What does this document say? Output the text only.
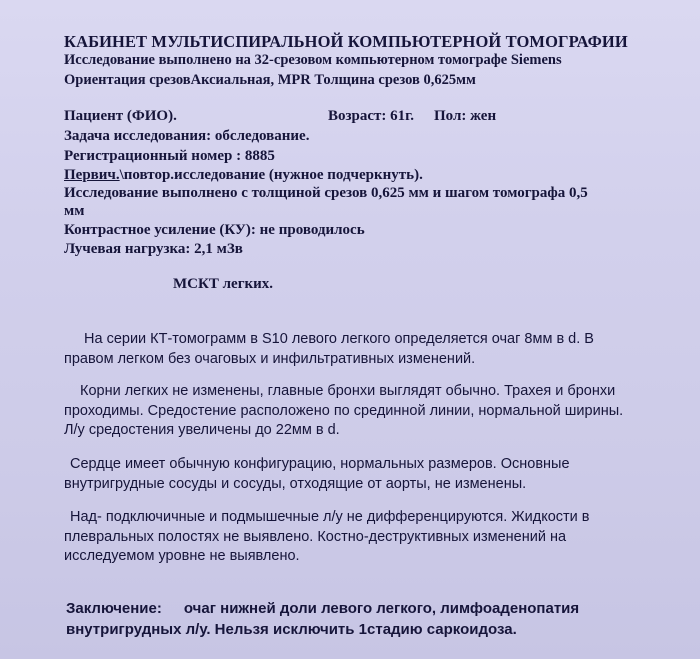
КАБИНЕТ МУЛЬТИСПИРАЛЬНОЙ КОМПЬЮТЕРНОЙ ТОМОГРАФИИ
Исследование выполнено на 32-срезовом компьютерном томографе Siemens
Ориентация срезовАксиальная, MPR Толщина срезов 0,625мм
Пациент (ФИО).	Возраст: 61г. Пол: жен
Задача исследования: обследование.
Регистрационный номер : 8885
Первич.\повтор.исследование (нужное подчеркнуть).
Исследование выполнено с толщиной срезов 0,625 мм и шагом томографа 0,5
мм
Контрастное усиление (КУ): не проводилось
Лучевая нагрузка: 2,1 мЗв
МСКТ легких.
На серии КТ-томограмм в S10 левого легкого определяется очаг 8мм в d. В
правом легком без очаговых и инфильтративных изменений.
Корни легких не изменены, главные бронхи выглядят обычно. Трахея и бронхи
проходимы. Средостение расположено по срединной линии, нормальной ширины.
Л/у средостения увеличены до 22мм в d.
Сердце имеет обычную конфигурацию, нормальных размеров. Основные
внутригрудные сосуды и сосуды, отходящие от аорты, не изменены.
Над- подключичные и подмышечные л/у не дифференцируются. Жидкости в
плевральных полостях не выявлено. Костно-деструктивных изменений на
исследуемом уровне не выявлено.
Заключение: очаг нижней доли левого легкого, лимфоаденопатия
внутригрудных л/у. Нельзя исключить 1стадию саркоидоза.
